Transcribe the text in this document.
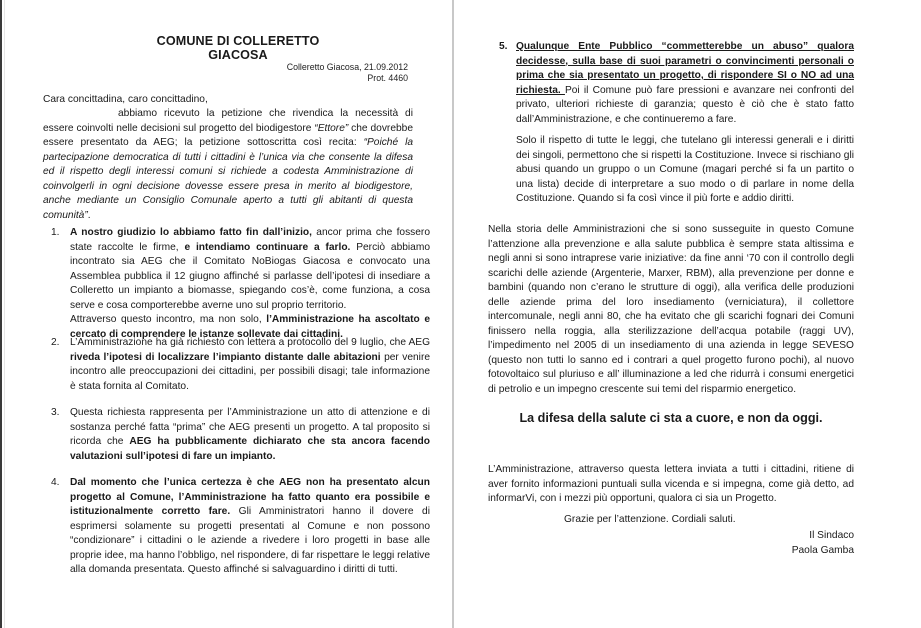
COMUNE DI COLLERETTO GIACOSA
Colleretto Giacosa, 21.09.2012
Prot. 4460
Cara concittadina, caro concittadino,

abbiamo ricevuto la petizione che rivendica la necessità di essere coinvolti nelle decisioni sul progetto del biodigestore “Ettore” che dovrebbe essere presentato da AEG; la petizione sottoscritta così recita: “Poiché la partecipazione democratica di tutti i cittadini è l’unica via che consente la difesa ed il rispetto degli interessi comuni si richiede a codesta Amministrazione di coinvolgerli in ogni decisione dovesse essere presa in merito al biodigestore, anche mediante un Consiglio Comunale aperto a tutti gli abitanti di questa comunità”.

1. A nostro giudizio lo abbiamo fatto fin dall’inizio, ancor prima che fossero state raccolte le firme, e intendiamo continuare a farlo. Perciò abbiamo incontrato sia AEG che il Comitato NoBiogas Giacosa e convocato una Assemblea pubblica il 12 giugno affinché si parlasse dell’ipotesi di insediare a Colleretto un impianto a biomasse, spiegando cos’è, come funziona, a cosa serve e cosa comporterebbe averne uno sul proprio territorio.

Attraverso questo incontro, ma non solo, l’Amministrazione ha ascoltato e cercato di comprendere le istanze sollevate dai cittadini.

2. L’Amministrazione ha già richiesto con lettera a protocollo del 9 luglio, che AEG riveda l’ipotesi di localizzare l’impianto distante dalle abitazioni per venire incontro alle preoccupazioni dei cittadini, per possibili disagi; tale informazione è stata fornita al Comitato.

3. Questa richiesta rappresenta per l’Amministrazione un atto di attenzione e di sostanza perché fatta “prima” che AEG presenti un progetto. A tal proposito si ricorda che AEG ha pubblicamente dichiarato che sta ancora facendo valutazioni sull’ipotesi di fare un impianto.

4. Dal momento che l’unica certezza è che AEG non ha presentato alcun progetto al Comune, l’Amministrazione ha fatto quanto era possibile e istituzionalmente corretto fare. Gli Amministratori hanno il dovere di esprimersi solamente su progetti presentati al Comune e non possono “condizionare” i cittadini o le aziende a rivedere i loro progetti in base alle proprie idee, ma hanno l’obbligo, nel rispondere, di far rispettare le leggi relative alla domanda presentata. Questo affinché si salvaguardino i diritti di tutti.

5. Qualunque Ente Pubblico “commetterebbe un abuso” qualora decidesse, sulla base di suoi parametri o convincimenti personali o prima che sia presentato un progetto, di rispondere SI o NO ad una richiesta. Poi il Comune può fare pressioni e avanzare nei confronti del privato, ulteriori richieste di garanzia; questo è ciò che è stato fatto dall’Amministrazione, e che continueremo a fare.

Solo il rispetto di tutte le leggi, che tutelano gli interessi generali e i diritti dei singoli, permettono che si rispetti la Costituzione. Invece si rischiano gli abusi quando un gruppo o un Comune (magari perché si fa un partito o una lista) decide di interpretare a suo modo o di parlare in nome della Costituzione. Quando si fa così vince il più forte e addio diritti.

Nella storia delle Amministrazioni che si sono susseguite in questo Comune l’attenzione alla prevenzione e alla salute pubblica è sempre stata altissima e negli anni si sono intraprese varie iniziative: da fine anni ‘70 con il controllo degli scarichi delle aziende (Argenterie, Marxer, RBM), alla prevenzione per donne e bambini (quando non c’erano le strutture di oggi), alla verifica delle produzioni delle aziende prima del loro insediamento (verniciatura), il collettore intercomunale, negli anni 80, che ha evitato che gli scarichi fognari dei Comuni finissero nella roggia, alla sterilizzazione dell’acqua potabile (raggi UV), l’impedimento nel 2005 di un insediamento di una azienda in legge SEVESO (questo non tutti lo sanno ed i contrari a quel progetto furono pochi), al nuovo fotovoltaico sul pluriuso e all’ illuminazione a led che ridurrà i consumi energetici di petrolio e un impegno crescente sui temi del risparmio energetico.

La difesa della salute ci sta a cuore, e non da oggi.

L’Amministrazione, attraverso questa lettera inviata a tutti i cittadini, ritiene di aver fornito informazioni puntuali sulla vicenda e si impegna, come già detto, ad informarVi, con i mezzi più opportuni, qualora ci sia un Progetto.

Grazie per l’attenzione. Cordiali saluti.
Il Sindaco
Paola Gamba
